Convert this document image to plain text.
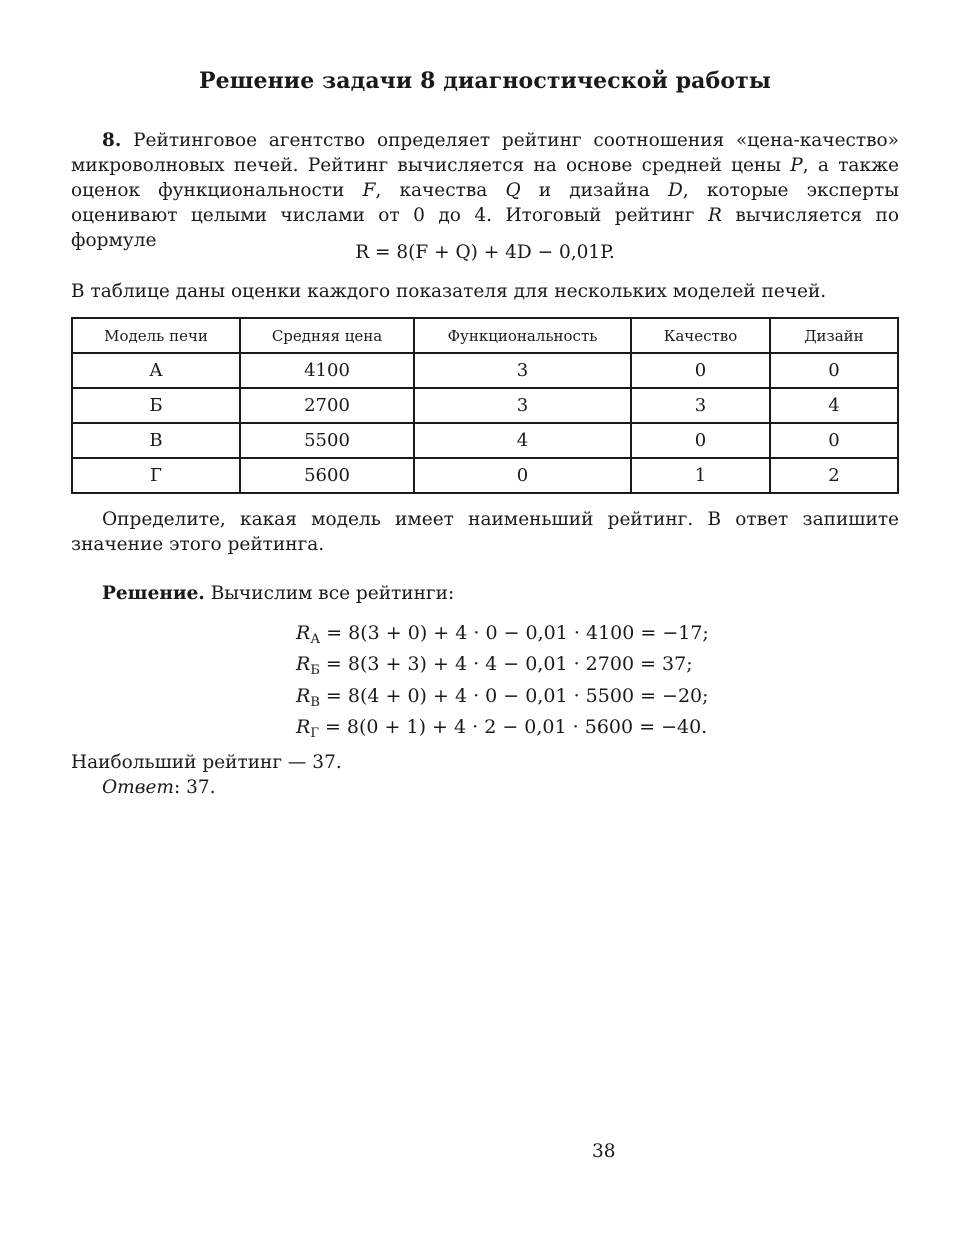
Решение задачи 8 диагностической работы
8. Рейтинговое агентство определяет рейтинг соотношения «цена-качество» микроволновых печей. Рейтинг вычисляется на основе средней цены P, а также оценок функциональности F, качества Q и дизайна D, которые эксперты оценивают целыми числами от 0 до 4. Итоговый рейтинг R вычисляется по формуле
R = 8(F + Q) + 4D − 0,01P.
В таблице даны оценки каждого показателя для нескольких моделей печей.
Модель печи	Средняя цена	Функциональность	Качество	Дизайн
А	4100	3	0	0
Б	2700	3	3	4
В	5500	4	0	0
Г	5600	0	1	2
Определите, какая модель имеет наименьший рейтинг. В ответ запишите значение этого рейтинга.
Решение. Вычислим все рейтинги:
$R_А = 8(3 + 0) + 4 \cdot 0 - 0,01 \cdot 4100 = -17$;
$R_Б = 8(3 + 3) + 4 \cdot 4 - 0,01 \cdot 2700 = 37$;
$R_В = 8(4 + 0) + 4 \cdot 0 - 0,01 \cdot 5500 = -20$;
$R_Г = 8(0 + 1) + 4 \cdot 2 - 0,01 \cdot 5600 = -40$.
Наибольший рейтинг — 37.
Ответ: 37.
38
